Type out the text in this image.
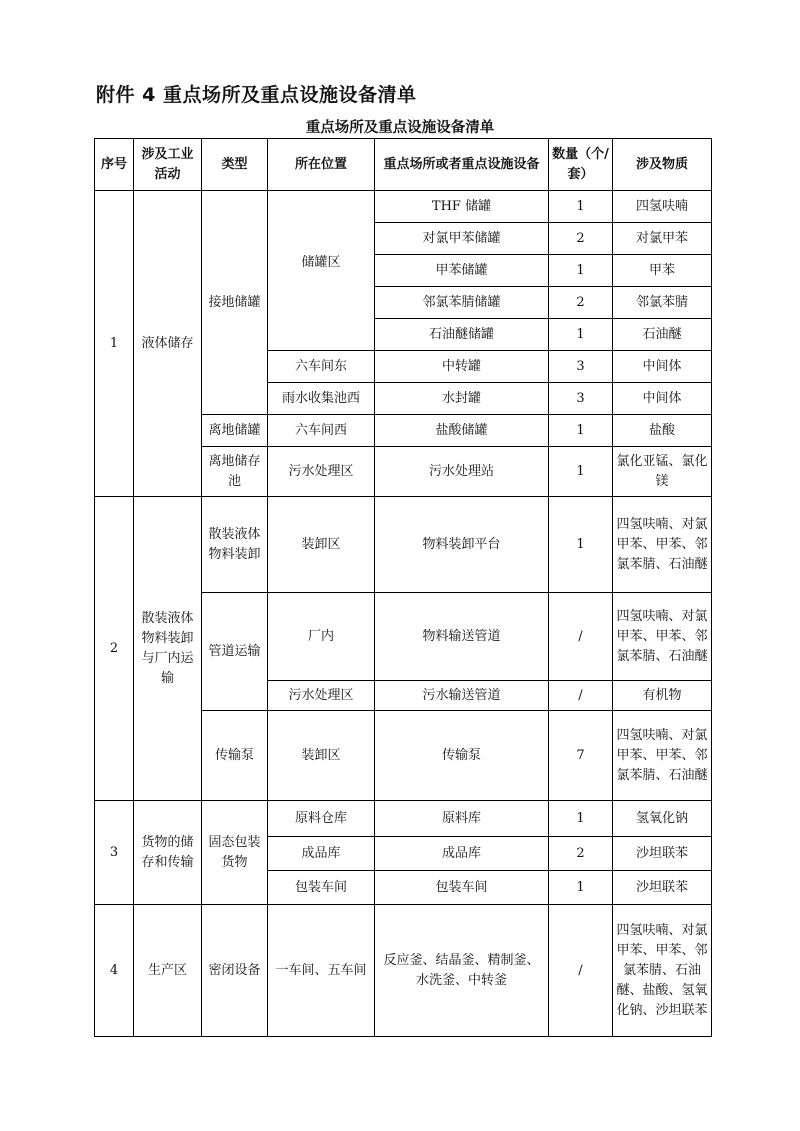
附件 4 重点场所及重点设施设备清单
重点场所及重点设施设备清单
序号	涉及工业活动	类型	所在位置	重点场所或者重点设施设备	数量（个/套）	涉及物质
1	液体储存	接地储罐	储罐区	THF 储罐	1	四氢呋喃
				对氯甲苯储罐	2	对氯甲苯
				甲苯储罐	1	甲苯
				邻氯苯腈储罐	2	邻氯苯腈
				石油醚储罐	1	石油醚
			六车间东	中转罐	3	中间体
			雨水收集池西	水封罐	3	中间体
		离地储罐	六车间西	盐酸储罐	1	盐酸
		离地储存池	污水处理区	污水处理站	1	氯化亚锰、氯化镁
2	散装液体物料装卸与厂内运输	散装液体物料装卸	装卸区	物料装卸平台	1	四氢呋喃、对氯甲苯、甲苯、邻氯苯腈、石油醚
		管道运输	厂内	物料输送管道	/	四氢呋喃、对氯甲苯、甲苯、邻氯苯腈、石油醚
			污水处理区	污水输送管道	/	有机物
		传输泵	装卸区	传输泵	7	四氢呋喃、对氯甲苯、甲苯、邻氯苯腈、石油醚
3	货物的储存和传输	固态包装货物	原料仓库	原料库	1	氢氧化钠
			成品库	成品库	2	沙坦联苯
			包装车间	包装车间	1	沙坦联苯
4	生产区	密闭设备	一车间、五车间	反应釜、结晶釜、精制釜、水洗釜、中转釜	/	四氢呋喃、对氯甲苯、甲苯、邻氯苯腈、石油醚、盐酸、氢氧化钠、沙坦联苯
